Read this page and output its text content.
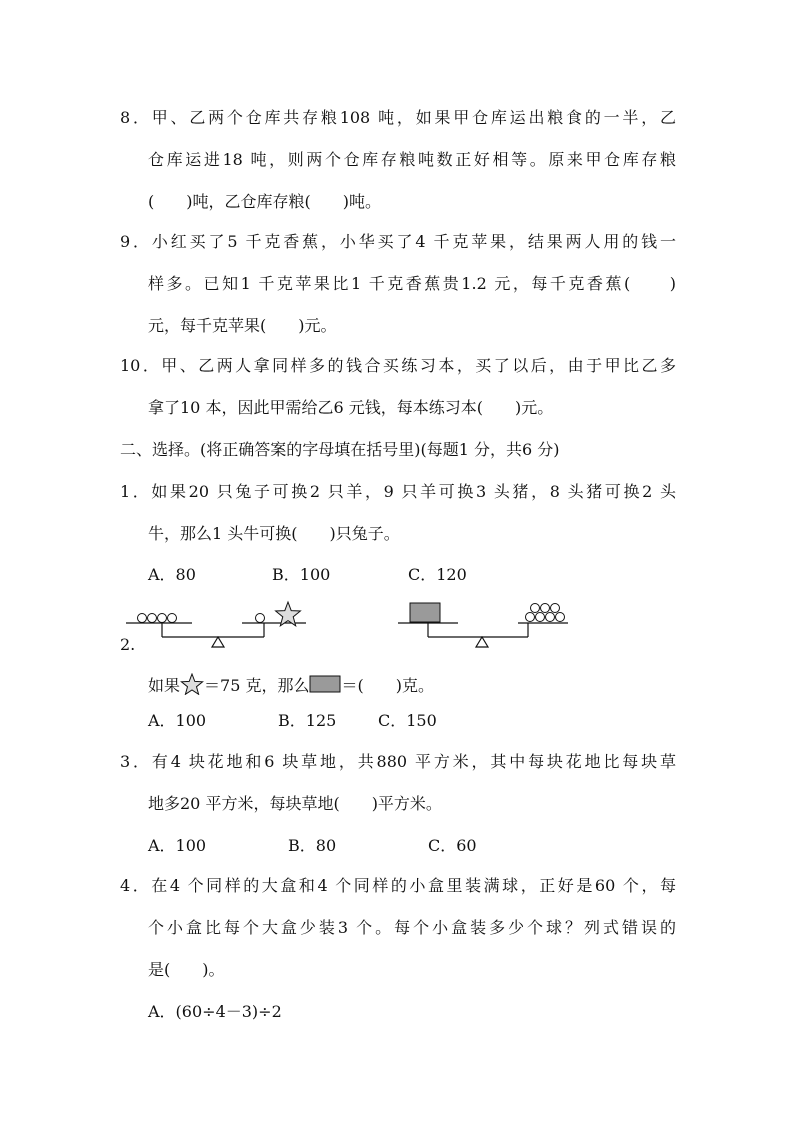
8．甲、乙两个仓库共存粮108 吨，如果甲仓库运出粮食的一半，乙
仓库运进18 吨，则两个仓库存粮吨数正好相等。原来甲仓库存粮
(　　)吨，乙仓库存粮(　　)吨。
9．小红买了5 千克香蕉，小华买了4 千克苹果，结果两人用的钱一
样多。已知1 千克苹果比1 千克香蕉贵1.2 元，每千克香蕉(　　)
元，每千克苹果(　　)元。
10．甲、乙两人拿同样多的钱合买练习本，买了以后，由于甲比乙多
拿了10 本，因此甲需给乙6 元钱，每本练习本(　　)元。
二、选择。(将正确答案的字母填在括号里)(每题1 分，共6 分)
1．如果20 只兔子可换2 只羊，9 只羊可换3 头猪，8 头猪可换2 头
牛，那么1 头牛可换(　　)只兔子。
A．80	B．100	C．120
2.
如果 ＝75 克，那么 ＝(　　)克。
A．100	B．125	C．150
3．有4 块花地和6 块草地，共880 平方米，其中每块花地比每块草
地多20 平方米，每块草地(　　)平方米。
A．100	B．80	C．60
4．在4 个同样的大盒和4 个同样的小盒里装满球，正好是60 个，每
个小盒比每个大盒少装3 个。每个小盒装多少个球？列式错误的
是(　　)。
A．(60÷4－3)÷2
